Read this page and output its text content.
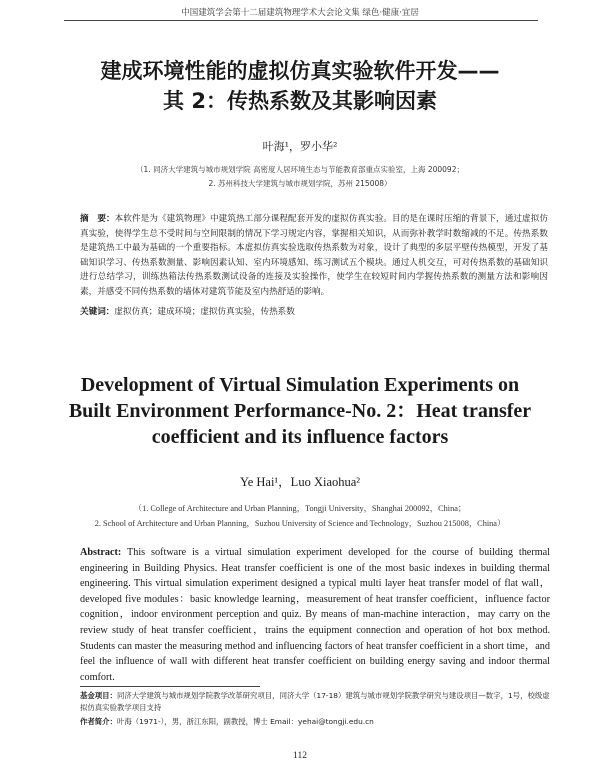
中国建筑学会第十二届建筑物理学术大会论文集 绿色·健康·宜居
建成环境性能的虚拟仿真实验软件开发——
其 2：传热系数及其影响因素
叶海¹，罗小华²
（1. 同济大学建筑与城市规划学院 高密度人居环境生态与节能教育部重点实验室，上海 200092；
2. 苏州科技大学建筑与城市规划学院，苏州 215008）
摘　要：本软件是为《建筑物理》中建筑热工部分课程配套开发的虚拟仿真实验。目的是在课时压缩的背景下，通过虚拟仿真实验，使得学生总不受时间与空间限制的情况下学习规定内容，掌握相关知识，从而弥补教学时数缩减的不足。传热系数是建筑热工中最为基础的一个重要指标。本虚拟仿真实验选取传热系数为对象，设计了典型的多层平壁传热模型，开发了基础知识学习、传热系数测量、影响因素认知、室内环境感知、练习测试五个模块。通过人机交互，可对传热系数的基础知识进行总结学习，训练热箱法传热系数测试设备的连接及实验操作，使学生在较短时间内学握传热系数的测量方法和影响因素，并感受不同传热系数的墙体对建筑节能及室内热舒适的影响。
关键词：虚拟仿真；建成环境；虚拟仿真实验，传热系数
Development of Virtual Simulation Experiments on
Built Environment Performance-No. 2：Heat transfer
coefficient and its influence factors
Ye Hai¹，Luo Xiaohua²
（1. College of Architecture and Urban Planning，Tongji University，Shanghai 200092，China；
2. School of Architecture and Urban Planning，Suzhou University of Science and Technology，Suzhou 215008，China）
Abstract: This software is a virtual simulation experiment developed for the course of building thermal engineering in Building Physics. Heat transfer coefficient is one of the most basic indexes in building thermal engineering. This virtual simulation experiment designed a typical multi layer heat transfer model of flat wall，developed five modules：basic knowledge learning，measurement of heat transfer coefficient，influence factor cognition，indoor environment perception and quiz. By means of man-machine interaction，may carry on the review study of heat transfer coefficient，trains the equipment connection and operation of hot box method. Students can master the measuring method and influencing factors of heat transfer coefficient in a short time，and feel the influence of wall with different heat transfer coefficient on building energy saving and indoor thermal comfort.
基金项目：同济大学建筑与城市规划学院教学改革研究项目，同济大学（17-18）建筑与城市规划学院教学研究与建设项目—数字，1号，校级虚拟仿真实验教学项目支持
作者简介：叶海（1971-），男，浙江东阳，副教授，博士 Email：yehai@tongji.edu.cn
112
